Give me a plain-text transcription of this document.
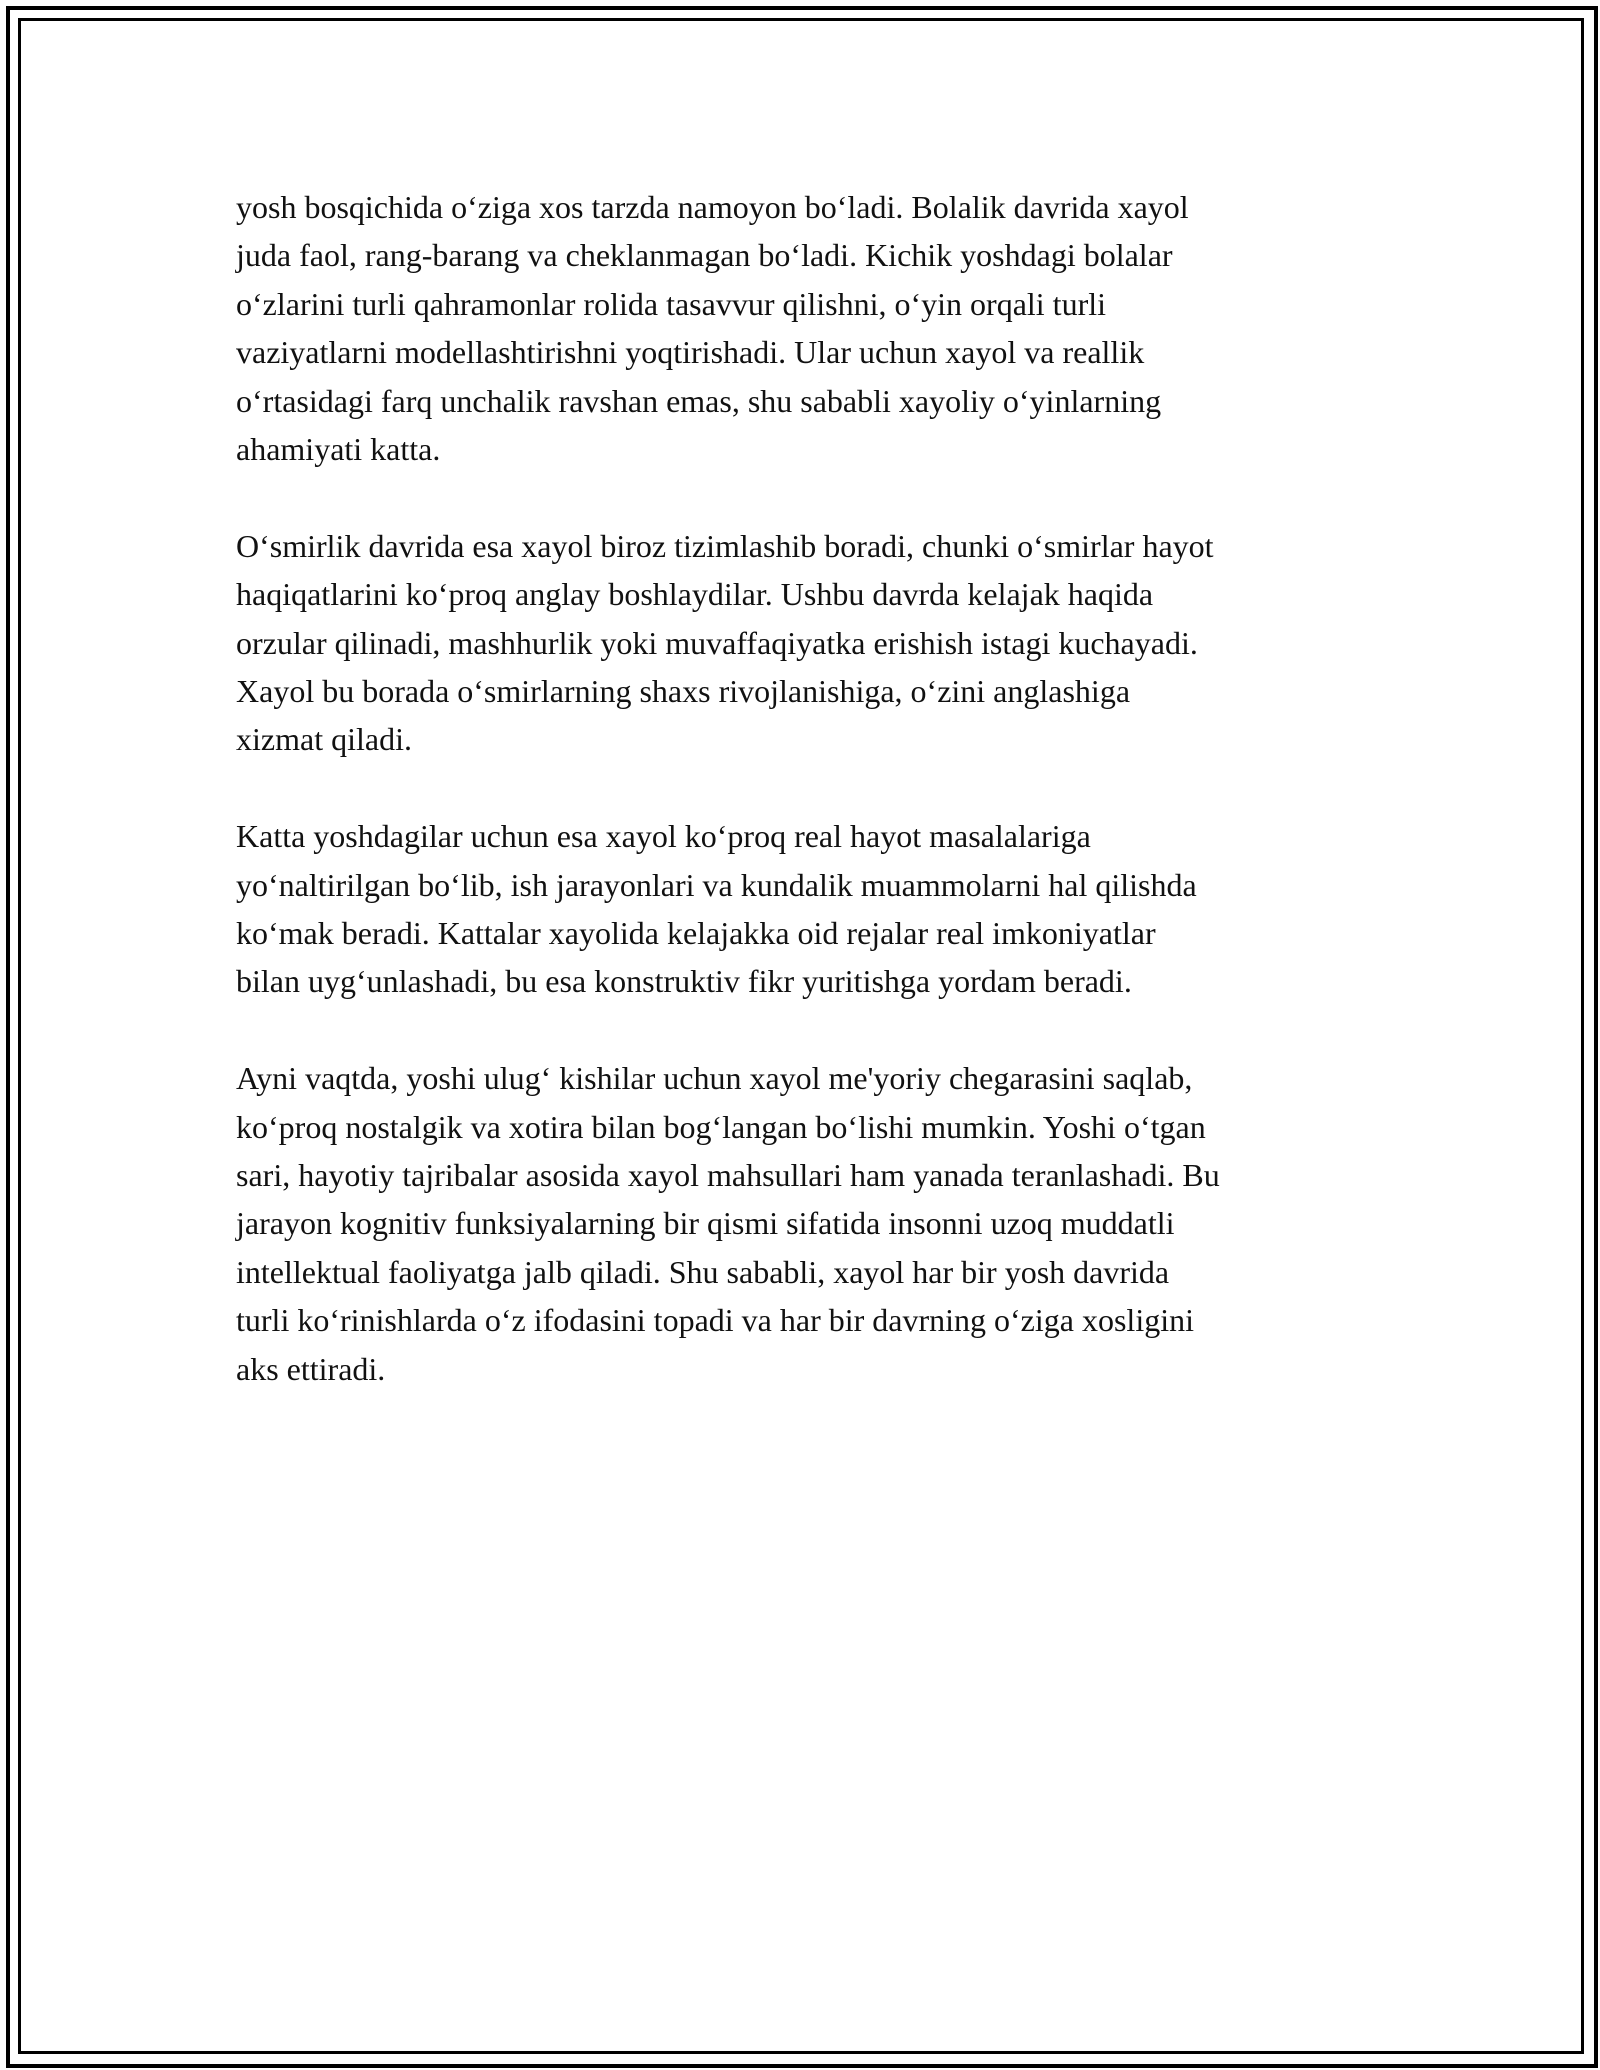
yosh bosqichida o‘ziga xos tarzda namoyon bo‘ladi. Bolalik davrida xayol
juda faol, rang-barang va cheklanmagan bo‘ladi. Kichik yoshdagi bolalar
o‘zlarini turli qahramonlar rolida tasavvur qilishni, o‘yin orqali turli
vaziyatlarni modellashtirishni yoqtirishadi. Ular uchun xayol va reallik
o‘rtasidagi farq unchalik ravshan emas, shu sababli xayoliy o‘yinlarning
ahamiyati katta.

O‘smirlik davrida esa xayol biroz tizimlashib boradi, chunki o‘smirlar hayot
haqiqatlarini ko‘proq anglay boshlaydilar. Ushbu davrda kelajak haqida
orzular qilinadi, mashhurlik yoki muvaffaqiyatka erishish istagi kuchayadi.
Xayol bu borada o‘smirlarning shaxs rivojlanishiga, o‘zini anglashiga
xizmat qiladi.

Katta yoshdagilar uchun esa xayol ko‘proq real hayot masalalariga
yo‘naltirilgan bo‘lib, ish jarayonlari va kundalik muammolarni hal qilishda
ko‘mak beradi. Kattalar xayolida kelajakka oid rejalar real imkoniyatlar
bilan uyg‘unlashadi, bu esa konstruktiv fikr yuritishga yordam beradi.

Ayni vaqtda, yoshi ulug‘ kishilar uchun xayol me'yoriy chegarasini saqlab,
ko‘proq nostalgik va xotira bilan bog‘langan bo‘lishi mumkin. Yoshi o‘tgan
sari, hayotiy tajribalar asosida xayol mahsullari ham yanada teranlashadi. Bu
jarayon kognitiv funksiyalarning bir qismi sifatida insonni uzoq muddatli
intellektual faoliyatga jalb qiladi. Shu sababli, xayol har bir yosh davrida
turli ko‘rinishlarda o‘z ifodasini topadi va har bir davrning o‘ziga xosligini
aks ettiradi.
